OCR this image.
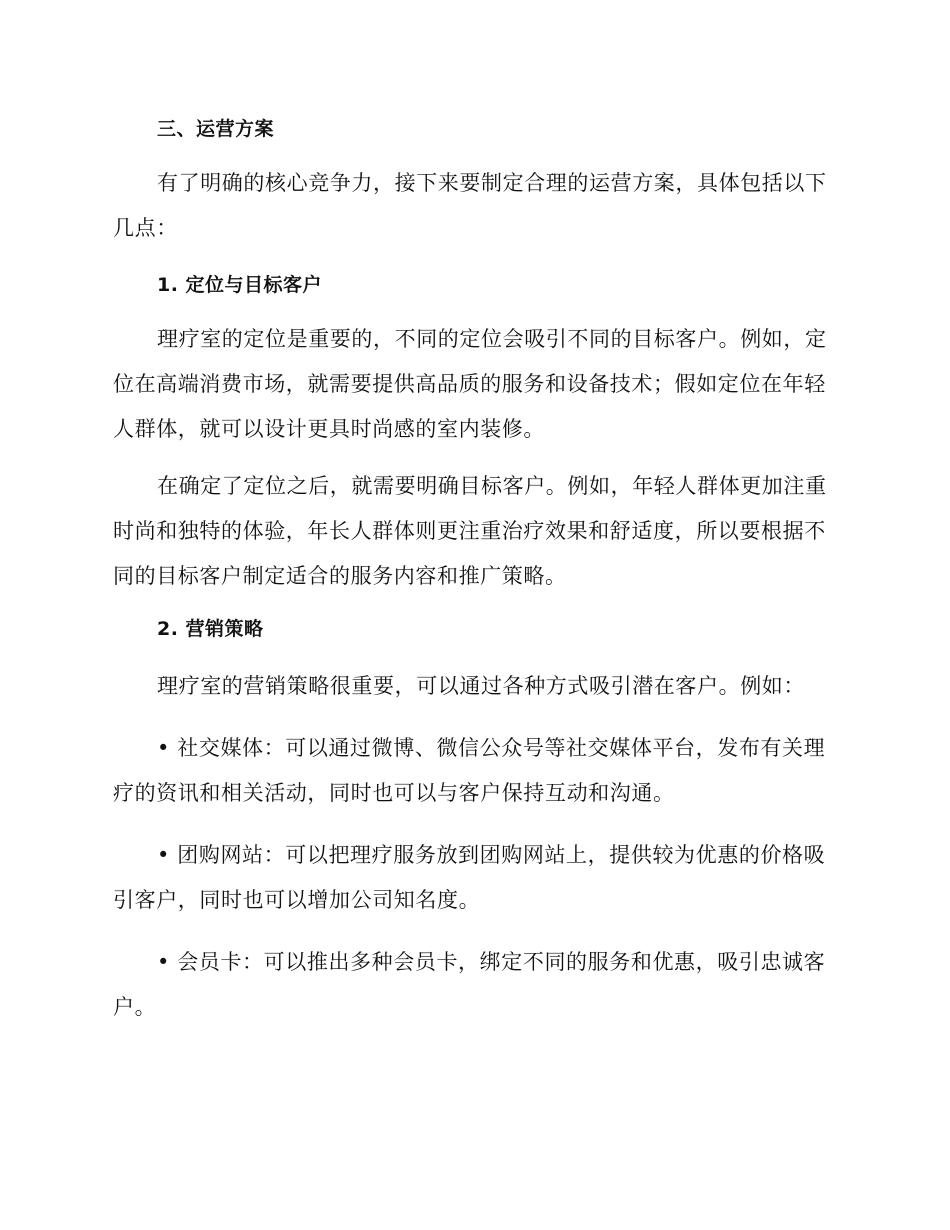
三、运营方案

有了明确的核心竞争力，接下来要制定合理的运营方案，具体包括以下几点：

1. 定位与目标客户

理疗室的定位是重要的，不同的定位会吸引不同的目标客户。例如，定位在高端消费市场，就需要提供高品质的服务和设备技术；假如定位在年轻人群体，就可以设计更具时尚感的室内装修。

在确定了定位之后，就需要明确目标客户。例如，年轻人群体更加注重时尚和独特的体验，年长人群体则更注重治疗效果和舒适度，所以要根据不同的目标客户制定适合的服务内容和推广策略。

2. 营销策略

理疗室的营销策略很重要，可以通过各种方式吸引潜在客户。例如：

• 社交媒体：可以通过微博、微信公众号等社交媒体平台，发布有关理疗的资讯和相关活动，同时也可以与客户保持互动和沟通。

• 团购网站：可以把理疗服务放到团购网站上，提供较为优惠的价格吸引客户，同时也可以增加公司知名度。

• 会员卡：可以推出多种会员卡，绑定不同的服务和优惠，吸引忠诚客户。
